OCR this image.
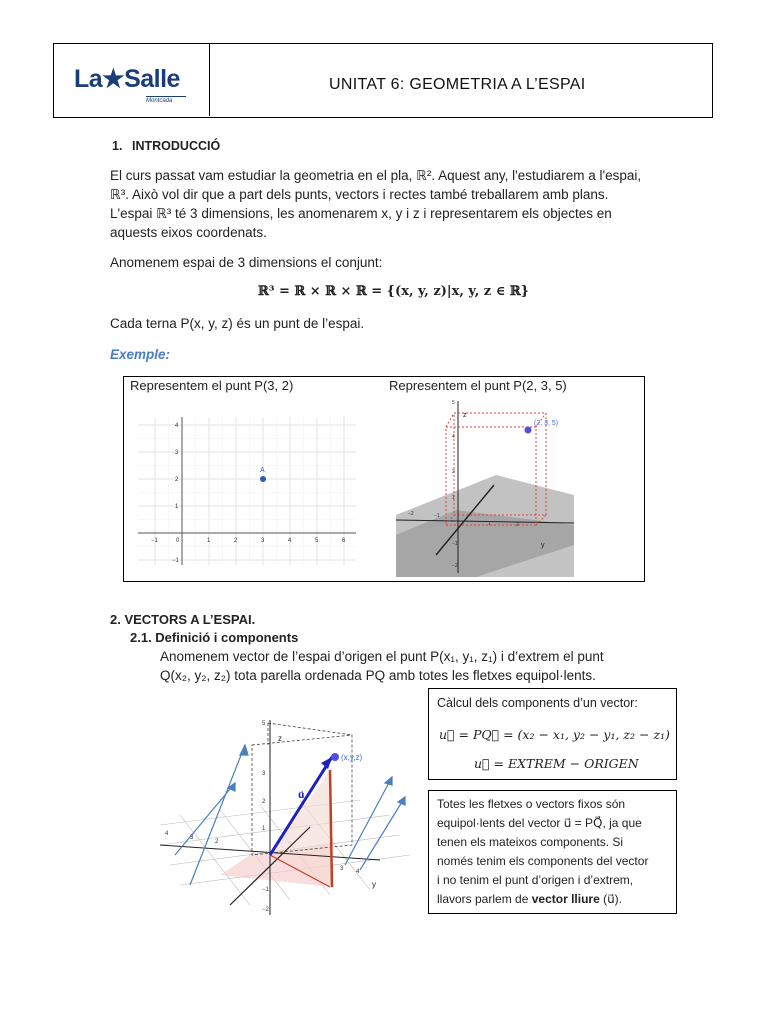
La★Salle
Montcada
UNITAT 6: GEOMETRIA A L’ESPAI
1. INTRODUCCIÓ
El curs passat vam estudiar la geometria en el pla, ℝ². Aquest any, l'estudiarem a l'espai,
ℝ³. Això vol dir que a part dels punts, vectors i rectes també treballarem amb plans.
L'espai ℝ³ té 3 dimensions, les anomenarem x, y i z i representarem els objectes en
aquests eixos coordenats.
Anomenem espai de 3 dimensions el conjunt:
ℝ³ = ℝ × ℝ × ℝ = {(x, y, z)|x, y, z ∈ ℝ}
Cada terna P(x, y, z) és un punt de l’espai.
Exemple:
Representem el punt P(3, 2)	Representem el punt P(2, 3, 5)
−1	0	1	2	3	4	5	6
4
3
2
1
−1
A
z
y
(2, 3, 5)
5
4
2
1
−1
−2
−2	−1
1	2
2. VECTORS A L’ESPAI.
2.1. Definició i components
Anomenem vector de l’espai d’origen el punt P(x₁, y₁, z₁) i d’extrem el punt
Q(x₂, y₂, z₂) tota parella ordenada PQ amb totes les fletxes equipol·lents.
Càlcul dels components d’un vector:
u⃗ = PQ⃗ = (x₂ − x₁, y₂ − y₁, z₂ − z₁)
u⃗ = EXTREM − ORIGEN
Totes les fletxes o vectors fixos són
equipol·lents del vector u⃗ = PQ⃗, ja que
tenen els mateixos components. Si
només tenim els components del vector
i no tenim el punt d’origen i d’extrem,
llavors parlem de vector lliure (u⃗).
(x,y,z)
u⃗
z
y
5
3
2
1
−1
−2
4
3
2
3 4
